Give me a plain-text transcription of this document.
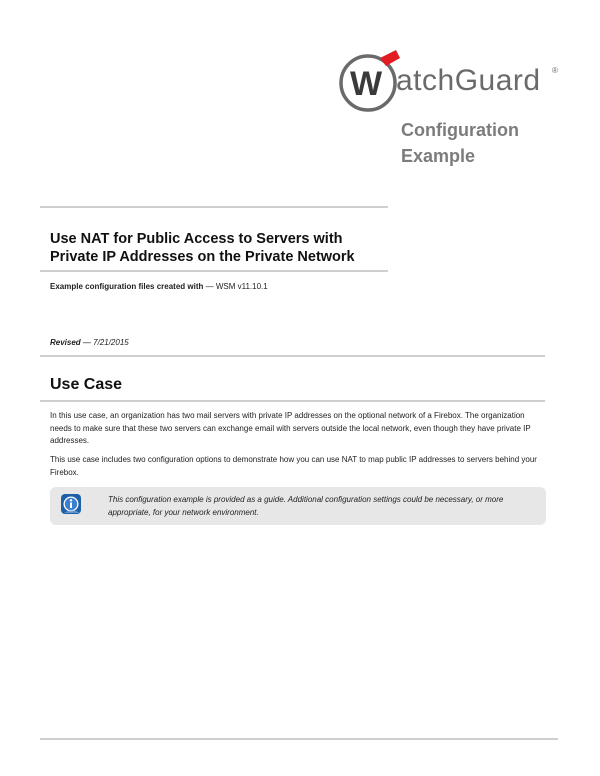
W atchGuard ®
Configuration
Example
Use NAT for Public Access to Servers with
Private IP Addresses on the Private Network
Example configuration files created with — WSM v11.10.1
Revised — 7/21/2015
Use Case
In this use case, an organization has two mail servers with private IP addresses on the optional network of a Firebox. The organization needs to make sure that these two servers can exchange email with servers outside the local network, even though they have private IP addresses.
This use case includes two configuration options to demonstrate how you can use NAT to map public IP addresses to servers behind your Firebox.
This configuration example is provided as a guide. Additional configuration settings could be necessary, or more appropriate, for your network environment.
